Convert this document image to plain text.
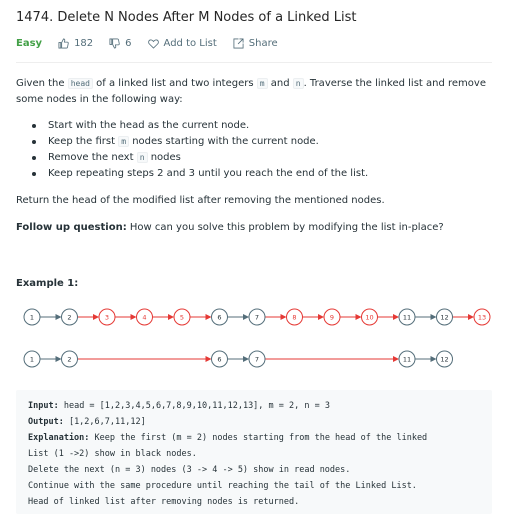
1474. Delete N Nodes After M Nodes of a Linked List
Easy	182	6	Add to List	Share
Given the head of a linked list and two integers m and n . Traverse the linked list and remove
some nodes in the following way:
Start with the head as the current node.
Keep the first m nodes starting with the current node.
Remove the next n nodes
Keep repeating steps 2 and 3 until you reach the end of the list.
Return the head of the modified list after removing the mentioned nodes.
Follow up question: How can you solve this problem by modifying the list in-place?
Example 1:
1	2	3	4	5	6	7	8	9	10	11	12	13
1	2	6	7	11	12
Input: head = [1,2,3,4,5,6,7,8,9,10,11,12,13], m = 2, n = 3
Output: [1,2,6,7,11,12]
Explanation: Keep the first (m = 2) nodes starting from the head of the linked
List (1 ->2) show in black nodes.
Delete the next (n = 3) nodes (3 -> 4 -> 5) show in read nodes.
Continue with the same procedure until reaching the tail of the Linked List.
Head of linked list after removing nodes is returned.
